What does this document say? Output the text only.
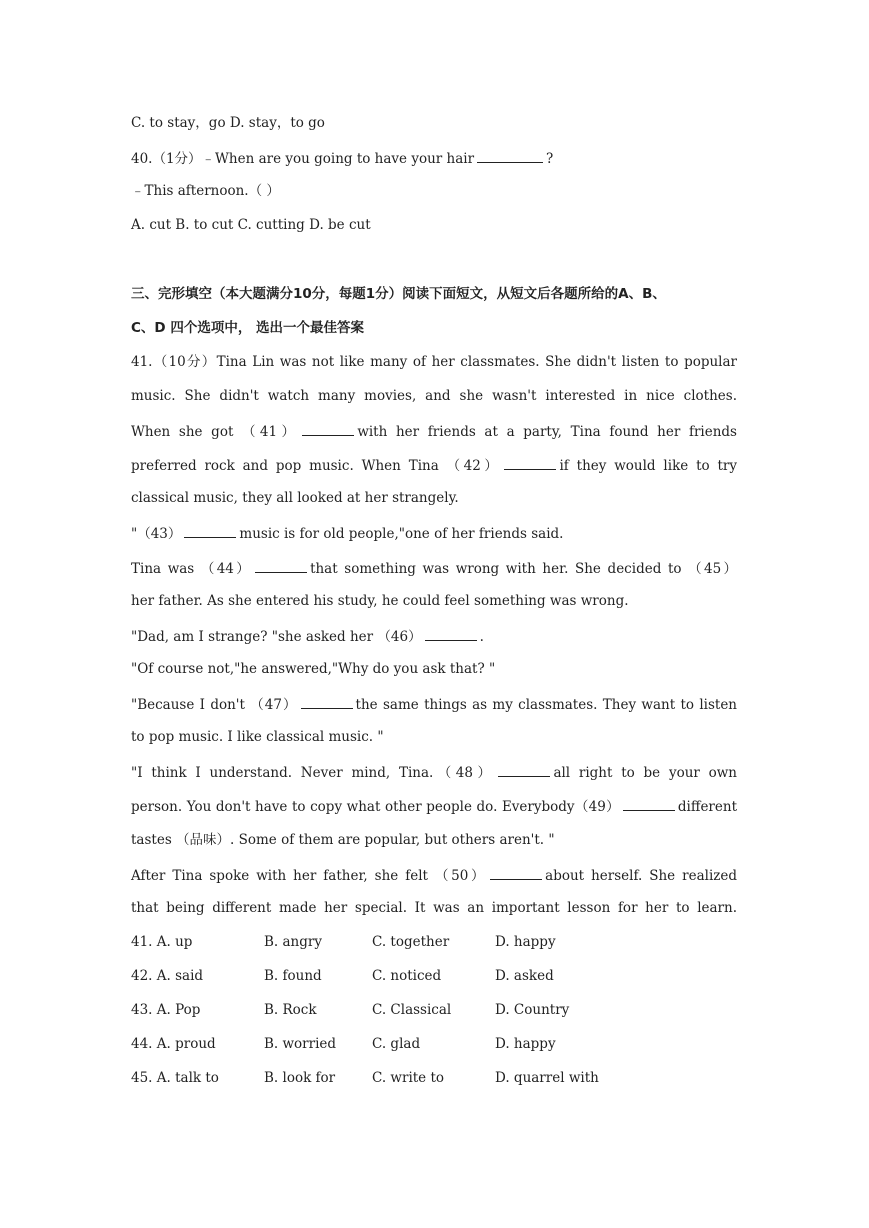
C. to stay，go D. stay，to go
40.（1分）﹣When are you going to have your hair	?
﹣This afternoon.（ ）
A. cut B. to cut C. cutting D. be cut
三、完形填空（本大题满分10分，每题1分）阅读下面短文，从短文后各题所给的A、B、
C、D 四个选项中， 选出一个最佳答案
41.（10分）Tina Lin was not like many of her classmates. She didn't listen to popular
music. She didn't watch many movies, and she wasn't interested in nice clothes.
When she got （41）	with her friends at a party, Tina found her friends
preferred rock and pop music. When Tina （42）	if they would like to try
classical music, they all looked at her strangely.
"（43）	music is for old people,"one of her friends said.
Tina was （44）	that something was wrong with her. She decided to （45）
her father. As she entered his study, he could feel something was wrong.
"Dad, am I strange? "she asked her （46）	.
"Of course not,"he answered,"Why do you ask that? "
"Because I don't （47）	the same things as my classmates. They want to listen
to pop music. I like classical music. "
"I think I understand. Never mind, Tina.（48）	all right to be your own
person. You don't have to copy what other people do. Everybody（49）	different
tastes （品味）. Some of them are popular, but others aren't. "
After Tina spoke with her father, she felt （50）	about herself. She realized
that being different made her special. It was an important lesson for her to learn.
41. A. up	B. angry	C. together	D. happy
42. A. said	B. found	C. noticed	D. asked
43. A. Pop	B. Rock	C. Classical	D. Country
44. A. proud	B. worried	C. glad	D. happy
45. A. talk to	B. look for	C. write to	D. quarrel with
